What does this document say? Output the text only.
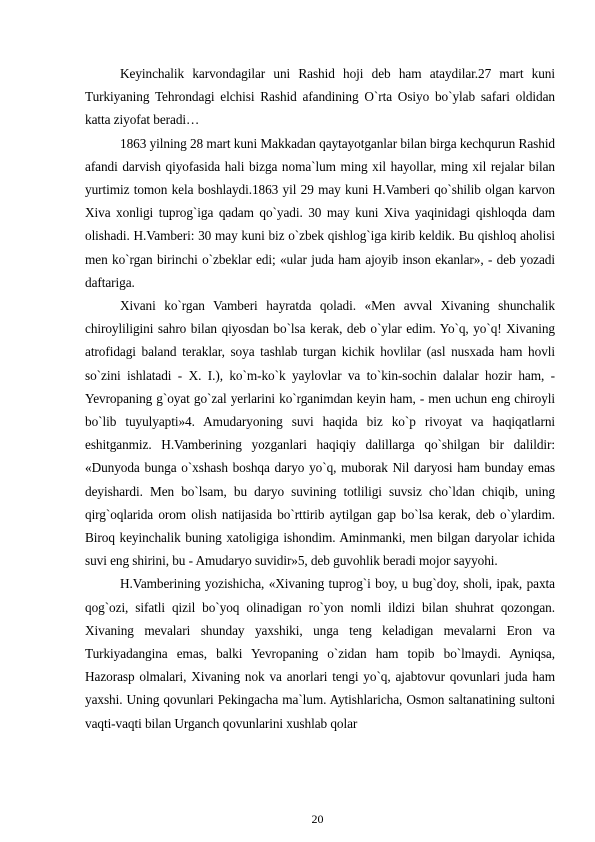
Keyinchalik karvondagilar uni Rashid hoji deb ham ataydilar.27 mart kuni Turkiyaning Tehrondagi elchisi Rashid afandining O`rta Osiyo bo`ylab safari oldidan katta ziyofat beradi…

1863 yilning 28 mart kuni Makkadan qaytayotganlar bilan birga kechqurun Rashid afandi darvish qiyofasida hali bizga noma`lum ming xil hayollar, ming xil rejalar bilan yurtimiz tomon kela boshlaydi.1863 yil 29 may kuni H.Vamberi qo`shilib olgan karvon Xiva xonligi tuprog`iga qadam qo`yadi. 30 may kuni Xiva yaqinidagi qishloqda dam olishadi. H.Vamberi: 30 may kuni biz o`zbek qishlog`iga kirib keldik. Bu qishloq aholisi men ko`rgan birinchi o`zbeklar edi; «ular juda ham ajoyib inson ekanlar», - deb yozadi daftariga.

Xivani ko`rgan Vamberi hayratda qoladi. «Men avval Xivaning shunchalik chiroyliligini sahro bilan qiyosdan bo`lsa kerak, deb o`ylar edim. Yo`q, yo`q! Xivaning atrofidagi baland teraklar, soya tashlab turgan kichik hovlilar (asl nusxada ham hovli so`zini ishlatadi - X. I.), ko`m-ko`k yaylovlar va to`kin-sochin dalalar hozir ham, - Yevropaning g`oyat go`zal yerlarini ko`rganimdan keyin ham, - men uchun eng chiroyli bo`lib tuyulyapti»4. Amudaryoning suvi haqida biz ko`p rivoyat va haqiqatlarni eshitganmiz. H.Vamberining yozganlari haqiqiy dalillarga qo`shilgan bir dalildir: «Dunyoda bunga o`xshash boshqa daryo yo`q, muborak Nil daryosi ham bunday emas deyishardi. Men bo`lsam, bu daryo suvining totliligi suvsiz cho`ldan chiqib, uning qirg`oqlarida orom olish natijasida bo`rttirib aytilgan gap bo`lsa kerak, deb o`ylardim. Biroq keyinchalik buning xatoligiga ishondim. Aminmanki, men bilgan daryolar ichida suvi eng shirini, bu - Amudaryo suvidir»5, deb guvohlik beradi mojor sayyohi.

H.Vamberining yozishicha, «Xivaning tuprog`i boy, u bug`doy, sholi, ipak, paxta qog`ozi, sifatli qizil bo`yoq olinadigan ro`yon nomli ildizi bilan shuhrat qozongan. Xivaning mevalari shunday yaxshiki, unga teng keladigan mevalarni Eron va Turkiyadangina emas, balki Yevropaning o`zidan ham topib bo`lmaydi. Ayniqsa, Hazorasp olmalari, Xivaning nok va anorlari tengi yo`q, ajabtovur qovunlari juda ham yaxshi. Uning qovunlari Pekingacha ma`lum. Aytishlaricha, Osmon saltanatining sultoni vaqti-vaqti bilan Urganch qovunlarini xushlab qolar

20
